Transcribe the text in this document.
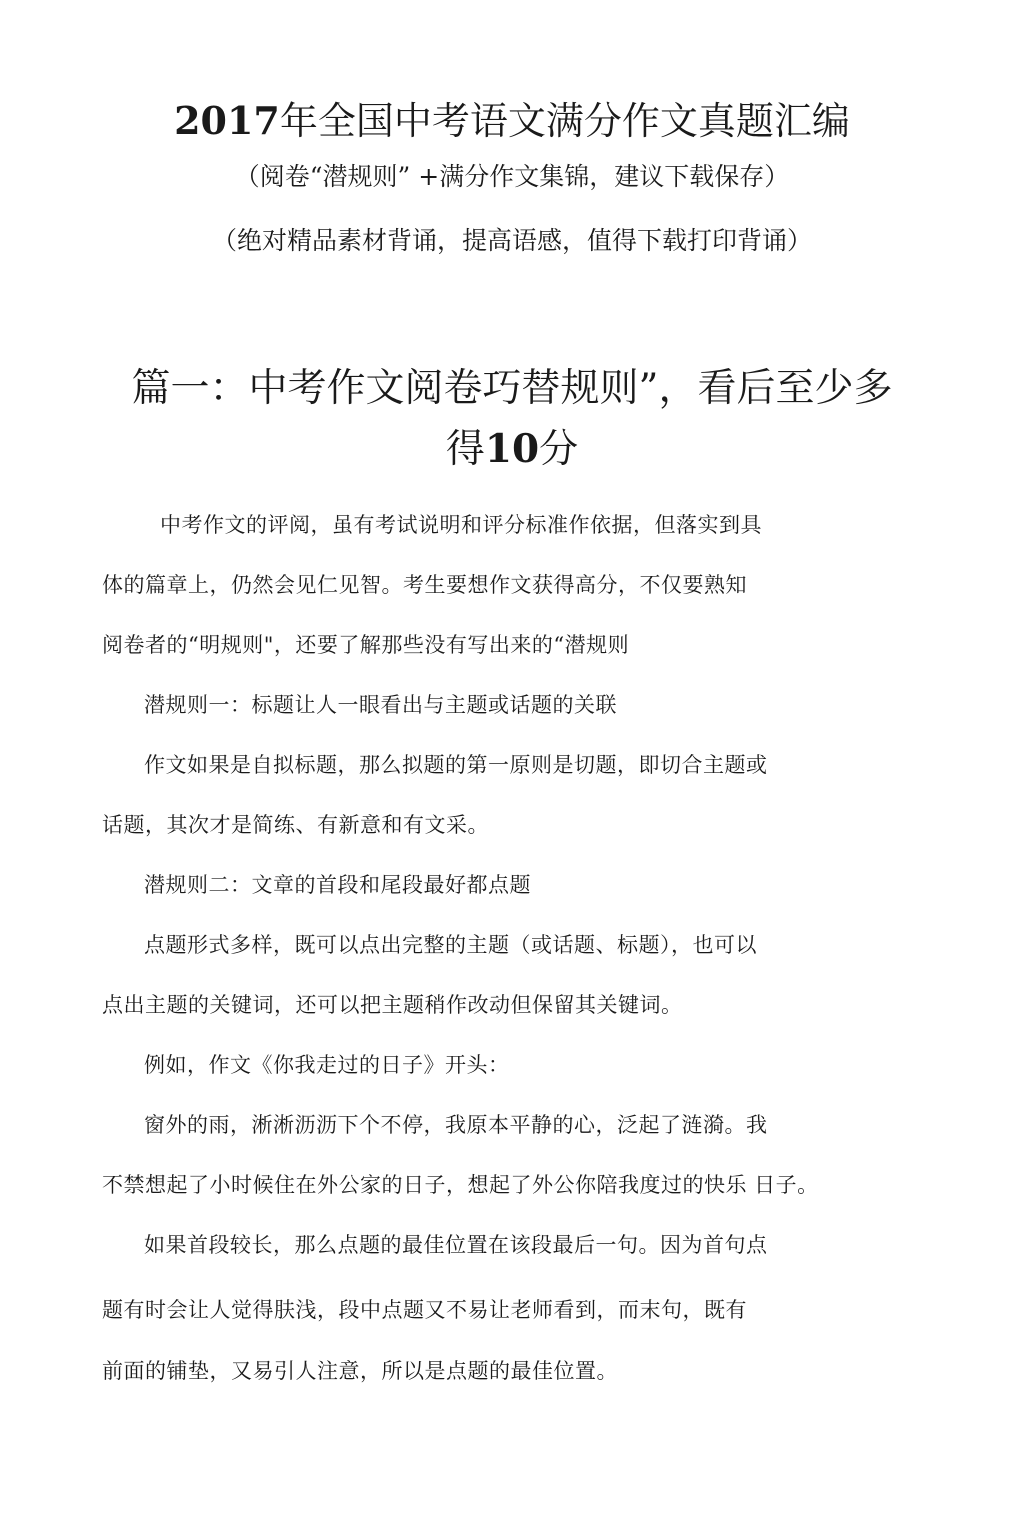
2017年全国中考语文满分作文真题汇编
（阅卷“潜规则” +满分作文集锦，建议下载保存）
（绝对精品素材背诵，提高语感，值得下载打印背诵）
篇一：中考作文阅卷巧替规则”，看后至少多
得10分
中考作文的评阅，虽有考试说明和评分标准作依据，但落实到具
体的篇章上，仍然会见仁见智。考生要想作文获得高分，不仅要熟知
阅卷者的“明规则"，还要了解那些没有写出来的“潜规则
潜规则一：标题让人一眼看出与主题或话题的关联
作文如果是自拟标题，那么拟题的第一原则是切题，即切合主题或
话题，其次才是简练、有新意和有文采。
潜规则二：文章的首段和尾段最好都点题
点题形式多样，既可以点出完整的主题（或话题、标题），也可以
点出主题的关键词，还可以把主题稍作改动但保留其关键词。
例如，作文《你我走过的日子》开头：
窗外的雨，淅淅沥沥下个不停，我原本平静的心，泛起了涟漪。我
不禁想起了小时候住在外公家的日子，想起了外公你陪我度过的快乐 日子。
如果首段较长，那么点题的最佳位置在该段最后一句。因为首句点
题有时会让人觉得肤浅，段中点题又不易让老师看到，而末句，既有
前面的铺垫，又易引人注意，所以是点题的最佳位置。
